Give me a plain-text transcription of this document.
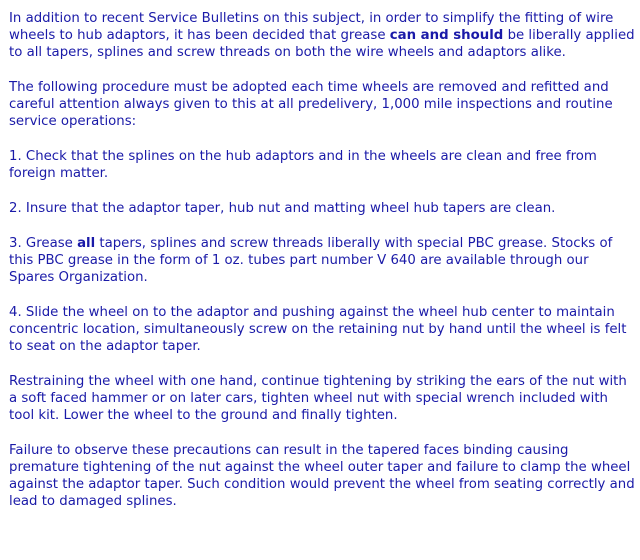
In addition to recent Service Bulletins on this subject, in order to simplify the fitting of wire wheels to hub adaptors, it has been decided that grease can and should be liberally applied to all tapers, splines and screw threads on both the wire wheels and adaptors alike.

The following procedure must be adopted each time wheels are removed and refitted and careful attention always given to this at all predelivery, 1,000 mile inspections and routine service operations:

1. Check that the splines on the hub adaptors and in the wheels are clean and free from foreign matter.

2. Insure that the adaptor taper, hub nut and matting wheel hub tapers are clean.

3. Grease all tapers, splines and screw threads liberally with special PBC grease. Stocks of this PBC grease in the form of 1 oz. tubes part number V 640 are available through our Spares Organization.

4. Slide the wheel on to the adaptor and pushing against the wheel hub center to maintain concentric location, simultaneously screw on the retaining nut by hand until the wheel is felt to seat on the adaptor taper.

Restraining the wheel with one hand, continue tightening by striking the ears of the nut with a soft faced hammer or on later cars, tighten wheel nut with special wrench included with tool kit. Lower the wheel to the ground and finally tighten.

Failure to observe these precautions can result in the tapered faces binding causing premature tightening of the nut against the wheel outer taper and failure to clamp the wheel against the adaptor taper. Such condition would prevent the wheel from seating correctly and lead to damaged splines.
